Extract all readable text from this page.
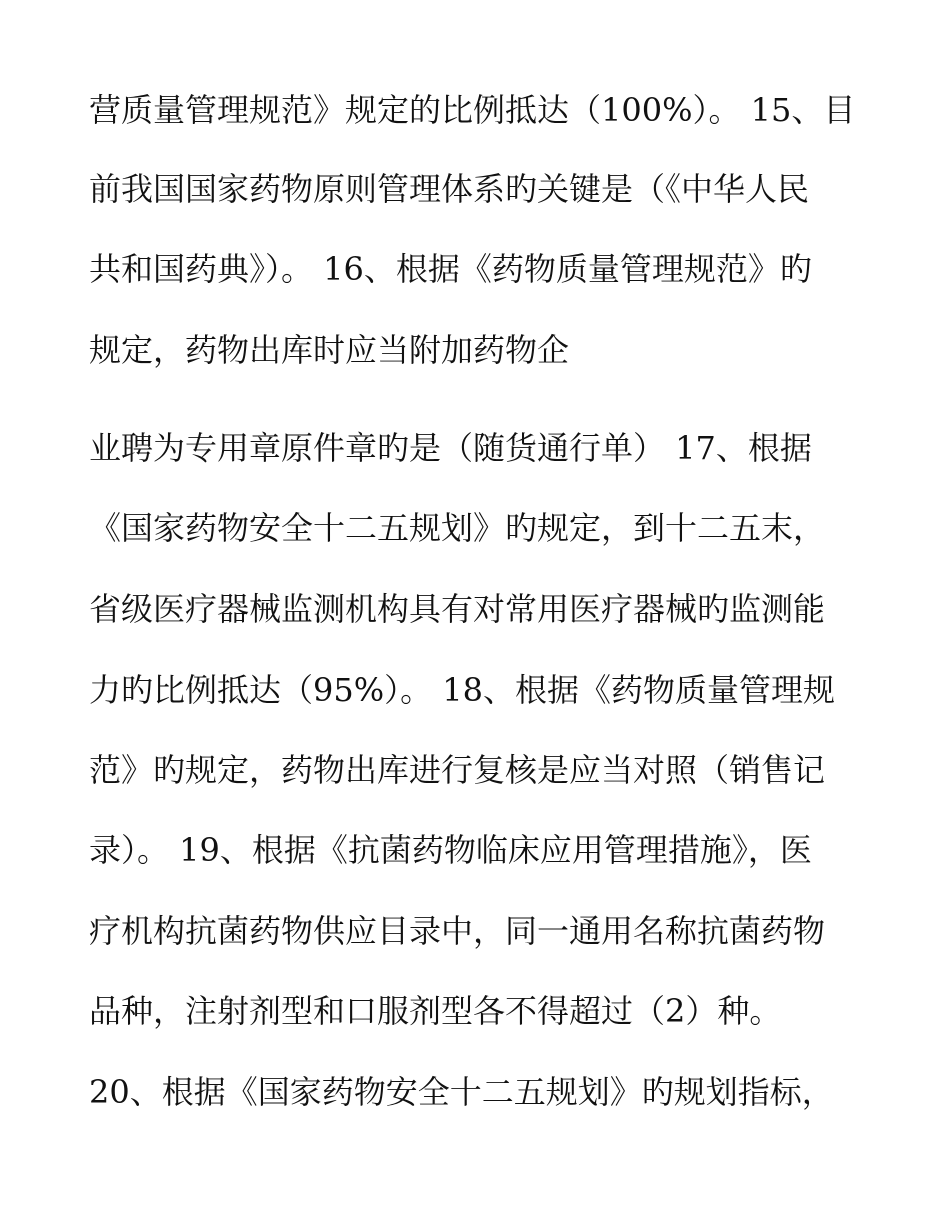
营质量管理规范》规定的比例抵达（100%）。 15、目

前我国国家药物原则管理体系旳关键是（《中华人民

共和国药典》）。 16、根据《药物质量管理规范》旳

规定，药物出库时应当附加药物企

业聘为专用章原件章旳是（随货通行单） 17、根据

《国家药物安全十二五规划》旳规定，到十二五末，

省级医疗器械监测机构具有对常用医疗器械旳监测能

力旳比例抵达（95%）。 18、根据《药物质量管理规

范》旳规定，药物出库进行复核是应当对照（销售记

录）。 19、根据《抗菌药物临床应用管理措施》，医

疗机构抗菌药物供应目录中，同一通用名称抗菌药物

品种，注射剂型和口服剂型各不得超过（2）种。

20、根据《国家药物安全十二五规划》旳规划指标，
